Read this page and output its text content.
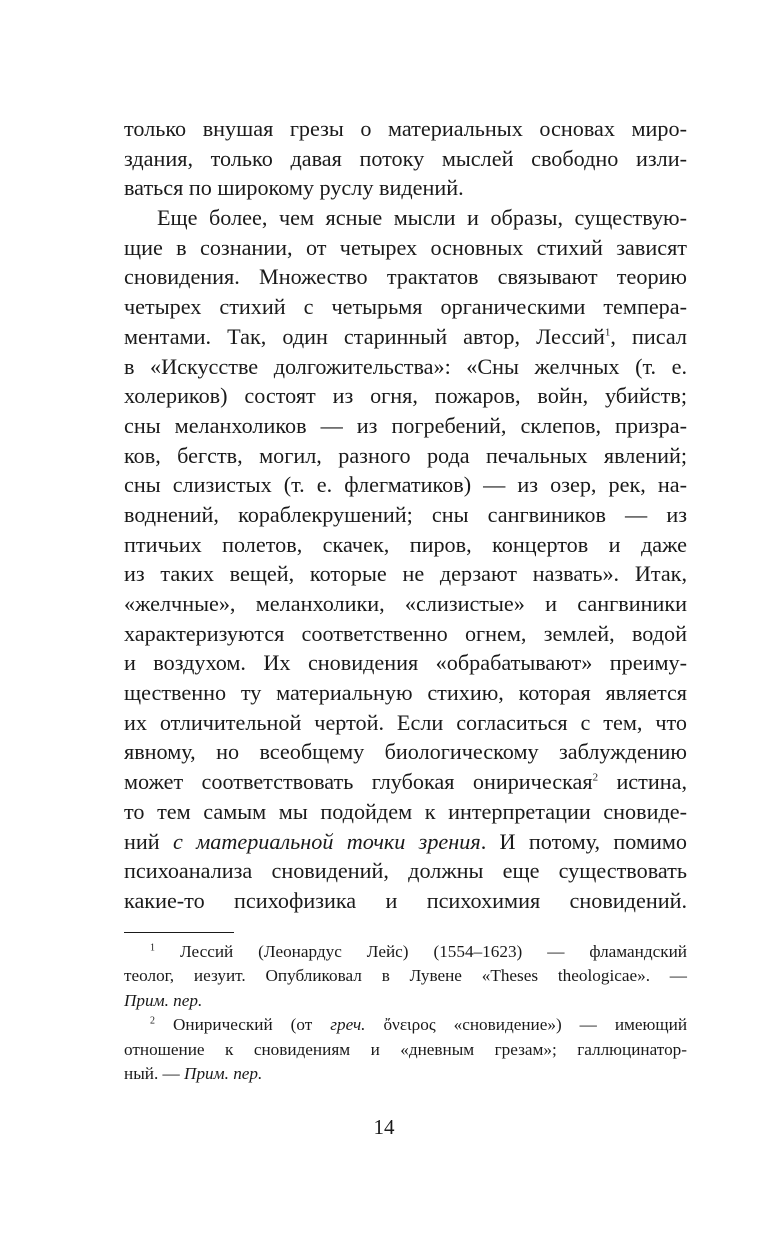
только внушая грезы о материальных основах миро-
здания, только давая потоку мыслей свободно изли-
ваться по широкому руслу видений.
Еще более, чем ясные мысли и образы, существую-
щие в сознании, от четырех основных стихий зависят
сновидения. Множество трактатов связывают теорию
четырех стихий с четырьмя органическими темпера-
ментами. Так, один старинный автор, Лессий$^1$, писал
в «Искусстве долгожительства»: «Сны желчных (т. е.
холериков) состоят из огня, пожаров, войн, убийств;
сны меланхоликов — из погребений, склепов, призра-
ков, бегств, могил, разного рода печальных явлений;
сны слизистых (т. е. флегматиков) — из озер, рек, на-
воднений, кораблекрушений; сны сангвиников — из
птичьих полетов, скачек, пиров, концертов и даже
из таких вещей, которые не дерзают назвать». Итак,
«желчные», меланхолики, «слизистые» и сангвиники
характеризуются соответственно огнем, землей, водой
и воздухом. Их сновидения «обрабатывают» преиму-
щественно ту материальную стихию, которая является
их отличительной чертой. Если согласиться с тем, что
явному, но всеобщему биологическому заблуждению
может соответствовать глубокая онирическая$^2$ истина,
то тем самым мы подойдем к интерпретации сновиде-
ний с материальной точки зрения. И потому, помимо
психоанализа сновидений, должны еще существовать
какие-то психофизика и психохимия сновидений.
$^1$ Лессий (Леонардус Лейс) (1554–1623) — фламандский
теолог, иезуит. Опубликовал в Лувене «Theses theologicae». —
Прим. пер.
$^2$ Онирический (от греч. ὄνειρος «сновидение») — имеющий
отношение к сновидениям и «дневным грезам»; галлюцинатор-
ный. — Прим. пер.
14
